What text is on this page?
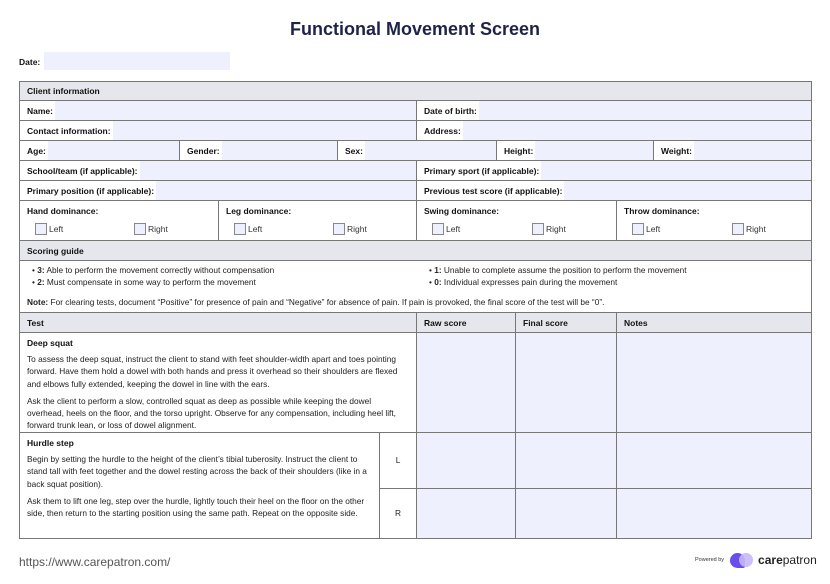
Functional Movement Screen
Date:
Client information
Name:	Date of birth:
Contact information:	Address:
Age:	Gender:	Sex:	Height:	Weight:
School/team (if applicable):	Primary sport (if applicable):
Primary position (if applicable):	Previous test score (if applicable):
Hand dominance:
Left	Right
Leg dominance:
Left	Right
Swing dominance:
Left	Right
Throw dominance:
Left	Right
Scoring guide
• 3: Able to perform the movement correctly without compensation
• 2: Must compensate in some way to perform the movement
• 1: Unable to complete assume the position to perform the movement
• 0: Individual expresses pain during the movement
Note: For clearing tests, document “Positive” for presence of pain and “Negative” for absence of pain. If pain is provoked, the final score of the test will be “0”.
Test	Raw score	Final score	Notes
Deep squat
To assess the deep squat, instruct the client to stand with feet shoulder-width apart and toes pointing forward. Have them hold a dowel with both hands and press it overhead so their shoulders are flexed and elbows fully extended, keeping the dowel in line with the ears.
Ask the client to perform a slow, controlled squat as deep as possible while keeping the dowel overhead, heels on the floor, and the torso upright. Observe for any compensation, including heel lift, forward trunk lean, or loss of dowel alignment.
Hurdle step
Begin by setting the hurdle to the height of the client’s tibial tuberosity. Instruct the client to stand tall with feet together and the dowel resting across the back of their shoulders (like in a back squat position).
Ask them to lift one leg, step over the hurdle, lightly touch their heel on the floor on the other side, then return to the starting position using the same path. Repeat on the opposite side.
L
R
https://www.carepatron.com/	Powered by	carepatron
